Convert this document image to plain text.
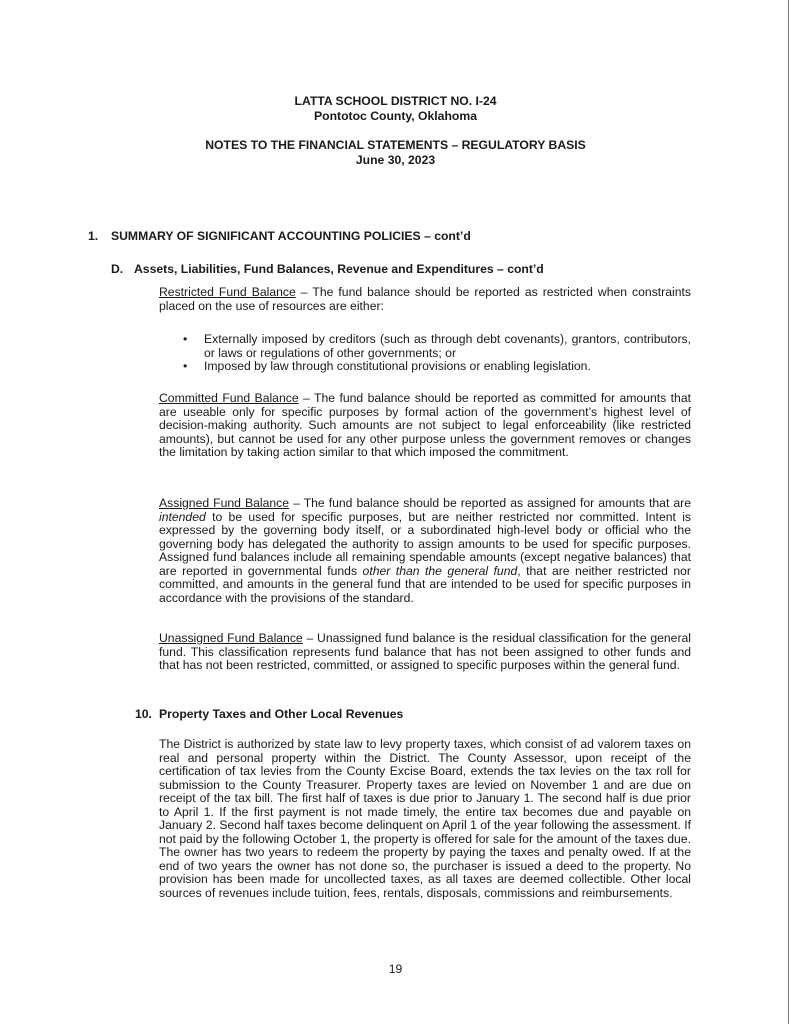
LATTA SCHOOL DISTRICT NO. I-24
Pontotoc County, Oklahoma
NOTES TO THE FINANCIAL STATEMENTS – REGULATORY BASIS
June 30, 2023
1. SUMMARY OF SIGNIFICANT ACCOUNTING POLICIES – cont’d
D. Assets, Liabilities, Fund Balances, Revenue and Expenditures – cont’d
Restricted Fund Balance – The fund balance should be reported as restricted when constraints placed on the use of resources are either:
• Externally imposed by creditors (such as through debt covenants), grantors, contributors, or laws or regulations of other governments; or
• Imposed by law through constitutional provisions or enabling legislation.
Committed Fund Balance – The fund balance should be reported as committed for amounts that are useable only for specific purposes by formal action of the government’s highest level of decision-making authority. Such amounts are not subject to legal enforceability (like restricted amounts), but cannot be used for any other purpose unless the government removes or changes the limitation by taking action similar to that which imposed the commitment.
Assigned Fund Balance – The fund balance should be reported as assigned for amounts that are intended to be used for specific purposes, but are neither restricted nor committed. Intent is expressed by the governing body itself, or a subordinated high-level body or official who the governing body has delegated the authority to assign amounts to be used for specific purposes. Assigned fund balances include all remaining spendable amounts (except negative balances) that are reported in governmental funds other than the general fund, that are neither restricted nor committed, and amounts in the general fund that are intended to be used for specific purposes in accordance with the provisions of the standard.
Unassigned Fund Balance – Unassigned fund balance is the residual classification for the general fund. This classification represents fund balance that has not been assigned to other funds and that has not been restricted, committed, or assigned to specific purposes within the general fund.
10. Property Taxes and Other Local Revenues
The District is authorized by state law to levy property taxes, which consist of ad valorem taxes on real and personal property within the District. The County Assessor, upon receipt of the certification of tax levies from the County Excise Board, extends the tax levies on the tax roll for submission to the County Treasurer. Property taxes are levied on November 1 and are due on receipt of the tax bill. The first half of taxes is due prior to January 1. The second half is due prior to April 1. If the first payment is not made timely, the entire tax becomes due and payable on January 2. Second half taxes become delinquent on April 1 of the year following the assessment. If not paid by the following October 1, the property is offered for sale for the amount of the taxes due. The owner has two years to redeem the property by paying the taxes and penalty owed. If at the end of two years the owner has not done so, the purchaser is issued a deed to the property. No provision has been made for uncollected taxes, as all taxes are deemed collectible. Other local sources of revenues include tuition, fees, rentals, disposals, commissions and reimbursements.
19
